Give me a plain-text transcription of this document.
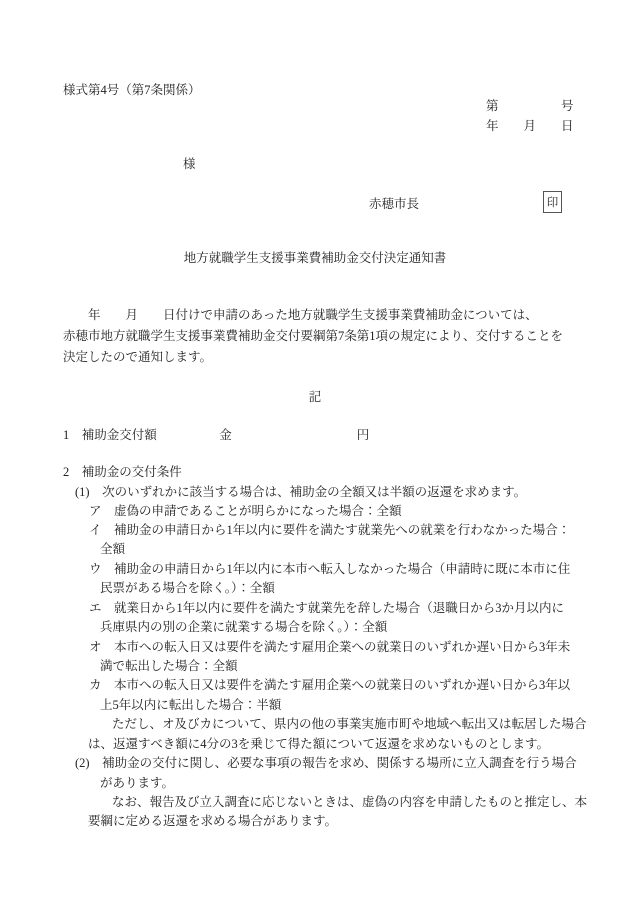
様式第4号（第7条関係）
第　　　　　号
年　　月　　日
様
赤穂市長	印
地方就職学生支援事業費補助金交付決定通知書
　　年　　月　　日付けで申請のあった地方就職学生支援事業費補助金については、
赤穂市地方就職学生支援事業費補助金交付要綱第7条第1項の規定により、交付することを
決定したので通知します。
記
1　補助金交付額　　　　　金　　　　　　　　　　円
2　補助金の交付条件
(1)　次のいずれかに該当する場合は、補助金の全額又は半額の返還を求めます。
ア　虚偽の申請であることが明らかになった場合：全額
イ　補助金の申請日から1年以内に要件を満たす就業先への就業を行わなかった場合：
全額
ウ　補助金の申請日から1年以内に本市へ転入しなかった場合（申請時に既に本市に住
民票がある場合を除く。）：全額
エ　就業日から1年以内に要件を満たす就業先を辞した場合（退職日から3か月以内に
兵庫県内の別の企業に就業する場合を除く。）：全額
オ　本市への転入日又は要件を満たす雇用企業への就業日のいずれか遅い日から3年未
満で転出した場合：全額
カ　本市への転入日又は要件を満たす雇用企業への就業日のいずれか遅い日から3年以
上5年以内に転出した場合：半額
ただし、オ及びカについて、県内の他の事業実施市町や地域へ転出又は転居した場合
は、返還すべき額に4分の3を乗じて得た額について返還を求めないものとします。
(2)　補助金の交付に関し、必要な事項の報告を求め、関係する場所に立入調査を行う場合
があります。
なお、報告及び立入調査に応じないときは、虚偽の内容を申請したものと推定し、本
要綱に定める返還を求める場合があります。
